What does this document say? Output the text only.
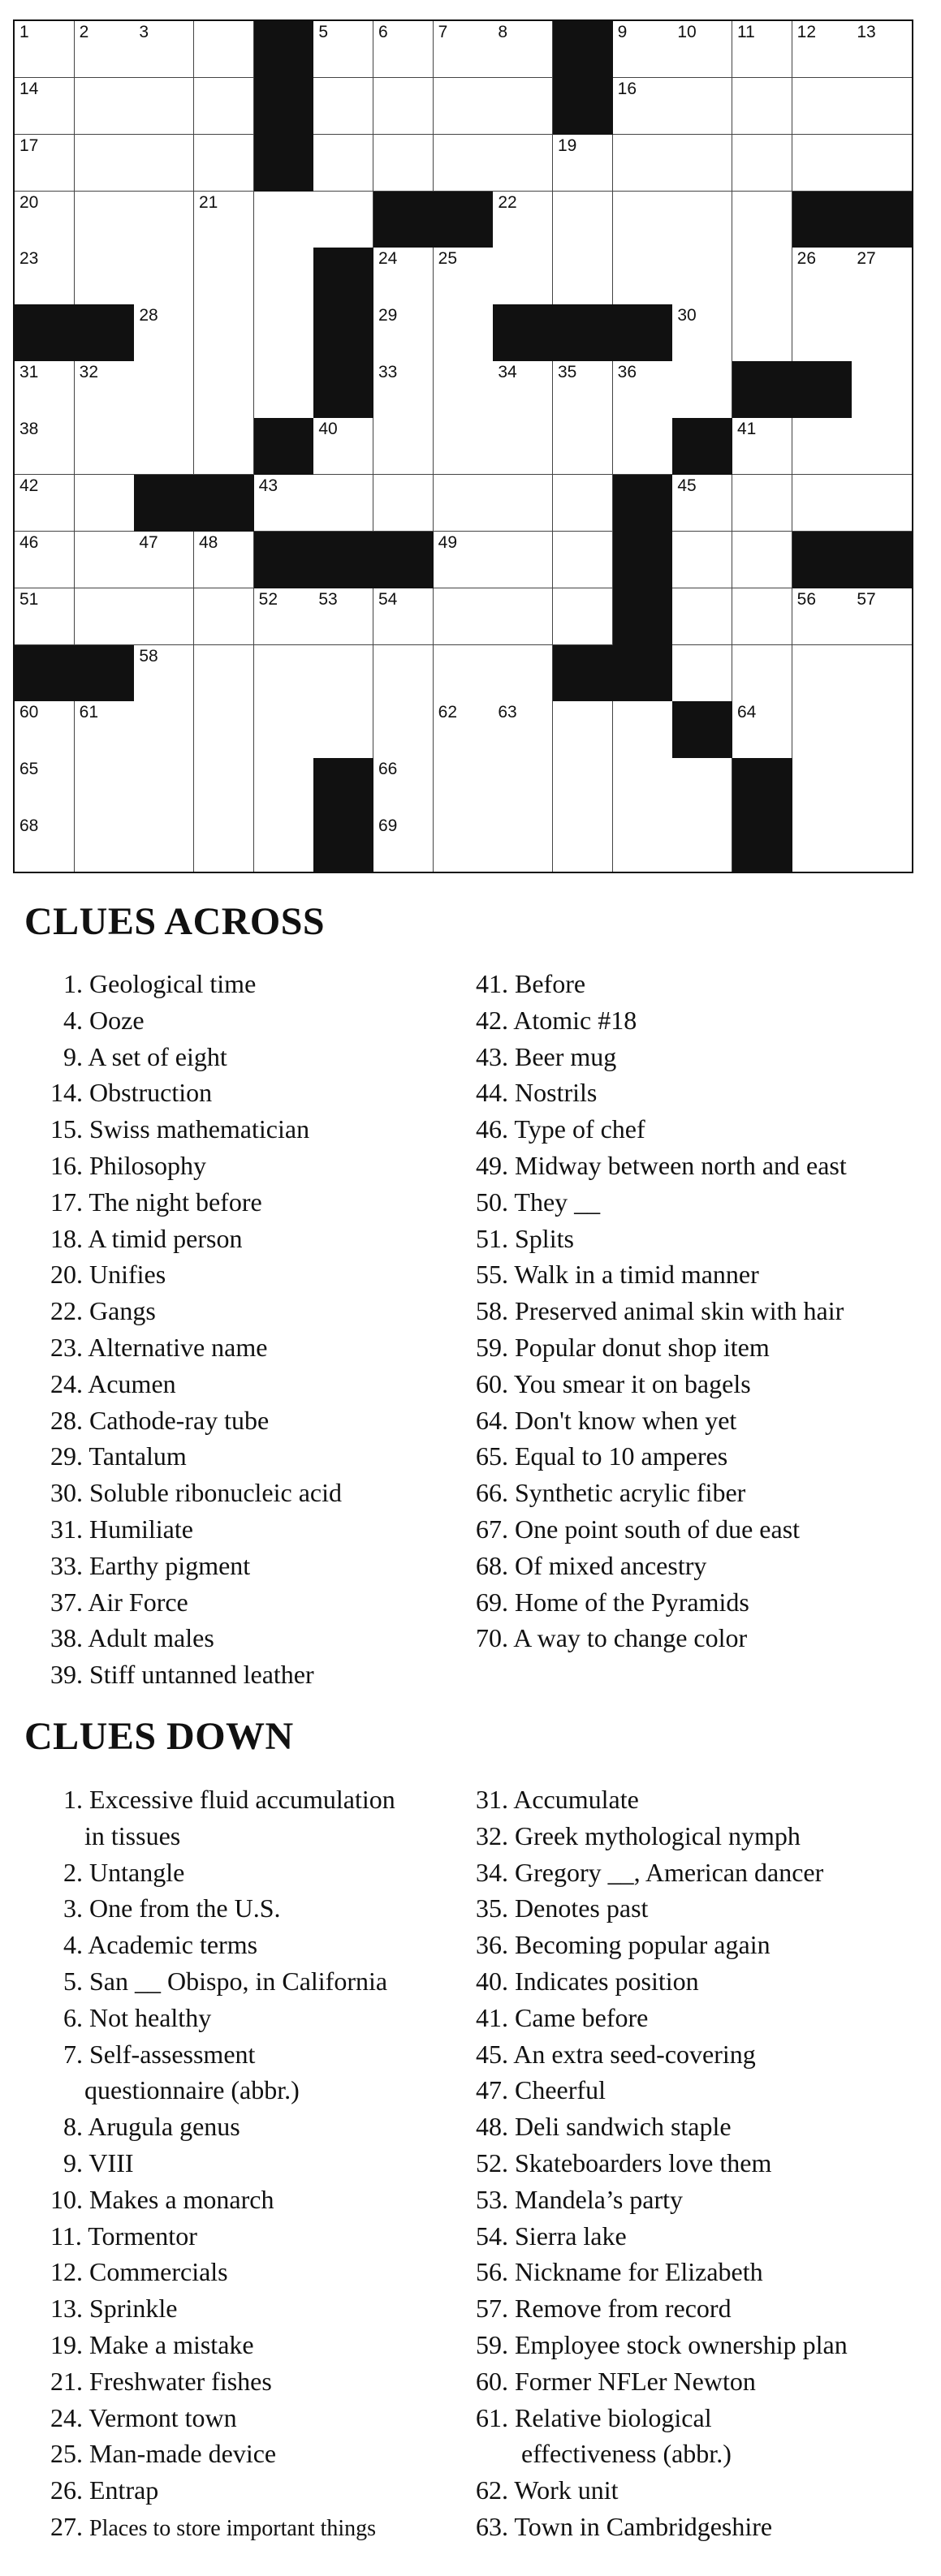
1	2	3	5	6	7	8	9	10 11 12 13
14	16
17	19
20	21	22
23	24 25	26 27
28	29	30
31 32	33	34 35 36
38	40	41
42	43	45
46	47 48	49
51	52 53 54	56 57
58
60 61	62 63	64
65	66
68	69
CLUES ACROSS
1. Geological time
4. Ooze
9. A set of eight
14. Obstruction
15. Swiss mathematician
16. Philosophy
17. The night before
18. A timid person
20. Unifies
22. Gangs
23. Alternative name
24. Acumen
28. Cathode-ray tube
29. Tantalum
30. Soluble ribonucleic acid
31. Humiliate
33. Earthy pigment
37. Air Force
38. Adult males
39. Stiff untanned leather
41. Before
42. Atomic #18
43. Beer mug
44. Nostrils
46. Type of chef
49. Midway between north and east
50. They __
51. Splits
55. Walk in a timid manner
58. Preserved animal skin with hair
59. Popular donut shop item
60. You smear it on bagels
64. Don't know when yet
65. Equal to 10 amperes
66. Synthetic acrylic fiber
67. One point south of due east
68. Of mixed ancestry
69. Home of the Pyramids
70. A way to change color
CLUES DOWN
1. Excessive fluid accumulation
in tissues
2. Untangle
3. One from the U.S.
4. Academic terms
5. San __ Obispo, in California
6. Not healthy
7. Self-assessment
questionnaire (abbr.)
8. Arugula genus
9. VIII
10. Makes a monarch
11. Tormentor
12. Commercials
13. Sprinkle
19. Make a mistake
21. Freshwater fishes
24. Vermont town
25. Man-made device
26. Entrap
27. Places to store important things
31. Accumulate
32. Greek mythological nymph
34. Gregory __, American dancer
35. Denotes past
36. Becoming popular again
40. Indicates position
41. Came before
45. An extra seed-covering
47. Cheerful
48. Deli sandwich staple
52. Skateboarders love them
53. Mandela’s party
54. Sierra lake
56. Nickname for Elizabeth
57. Remove from record
59. Employee stock ownership plan
60. Former NFLer Newton
61. Relative biological
effectiveness (abbr.)
62. Work unit
63. Town in Cambridgeshire
